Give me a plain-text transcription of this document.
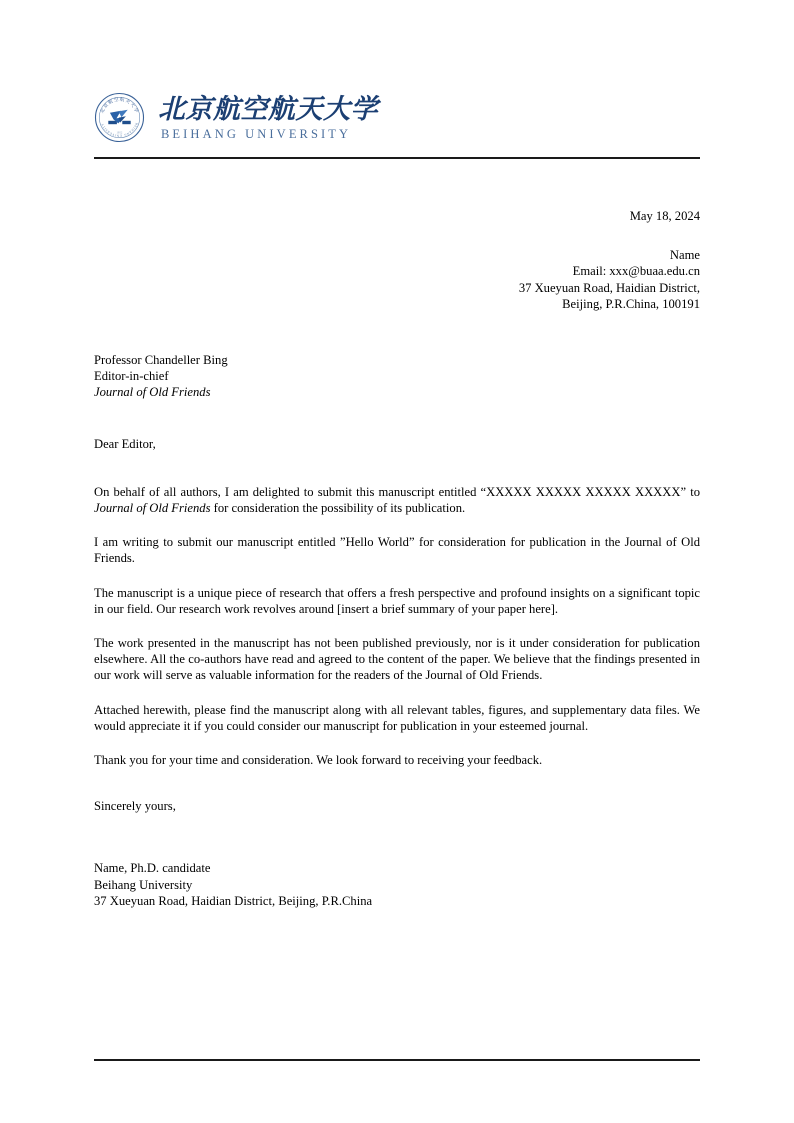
北京航空航天大学
BEIHANG UNIVERSITY
1952
北京航空航天大学
BEIHANG UNIVERSITY
May 18, 2024
Name
Email: xxx@buaa.edu.cn
37 Xueyuan Road, Haidian District,
Beijing, P.R.China, 100191
Professor Chandeller Bing
Editor-in-chief
Journal of Old Friends
Dear Editor,

On behalf of all authors, I am delighted to submit this manuscript entitled “XXXXX XXXXX XXXXX XXXXX” to Journal of Old Friends for consideration the possibility of its publication.

I am writing to submit our manuscript entitled ”Hello World” for consideration for publication in the Journal of Old Friends.

The manuscript is a unique piece of research that offers a fresh perspective and profound insights on a significant topic in our field. Our research work revolves around [insert a brief summary of your paper here].

The work presented in the manuscript has not been published previously, nor is it under consideration for publication elsewhere. All the co-authors have read and agreed to the content of the paper. We believe that the findings presented in our work will serve as valuable information for the readers of the Journal of Old Friends.

Attached herewith, please find the manuscript along with all relevant tables, figures, and supplementary data files. We would appreciate it if you could consider our manuscript for publication in your esteemed journal.

Thank you for your time and consideration. We look forward to receiving your feedback.

Sincerely yours,
Name, Ph.D. candidate
Beihang University
37 Xueyuan Road, Haidian District, Beijing, P.R.China
